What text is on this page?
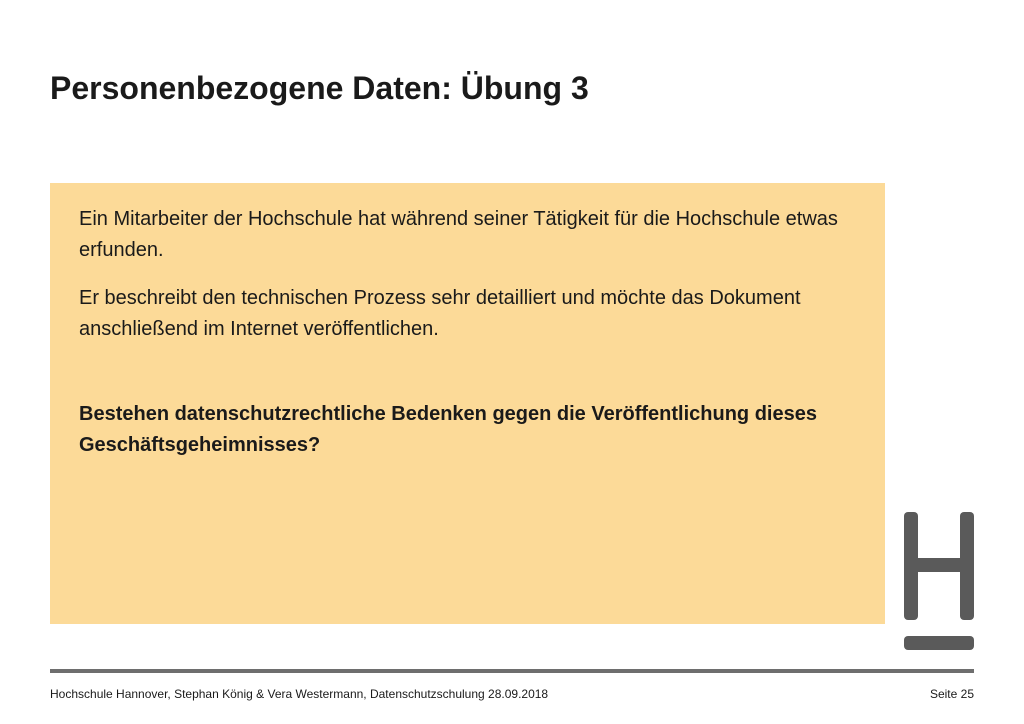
Personenbezogene Daten: Übung 3

Ein Mitarbeiter der Hochschule hat während seiner Tätigkeit für die Hochschule etwas erfunden.

Er beschreibt den technischen Prozess sehr detailliert und möchte das Dokument anschließend im Internet veröffentlichen.

Bestehen datenschutzrechtliche Bedenken gegen die Veröffentlichung dieses Geschäftsgeheimnisses?

Hochschule Hannover, Stephan König & Vera Westermann, Datenschutzschulung 28.09.2018	Seite 25
